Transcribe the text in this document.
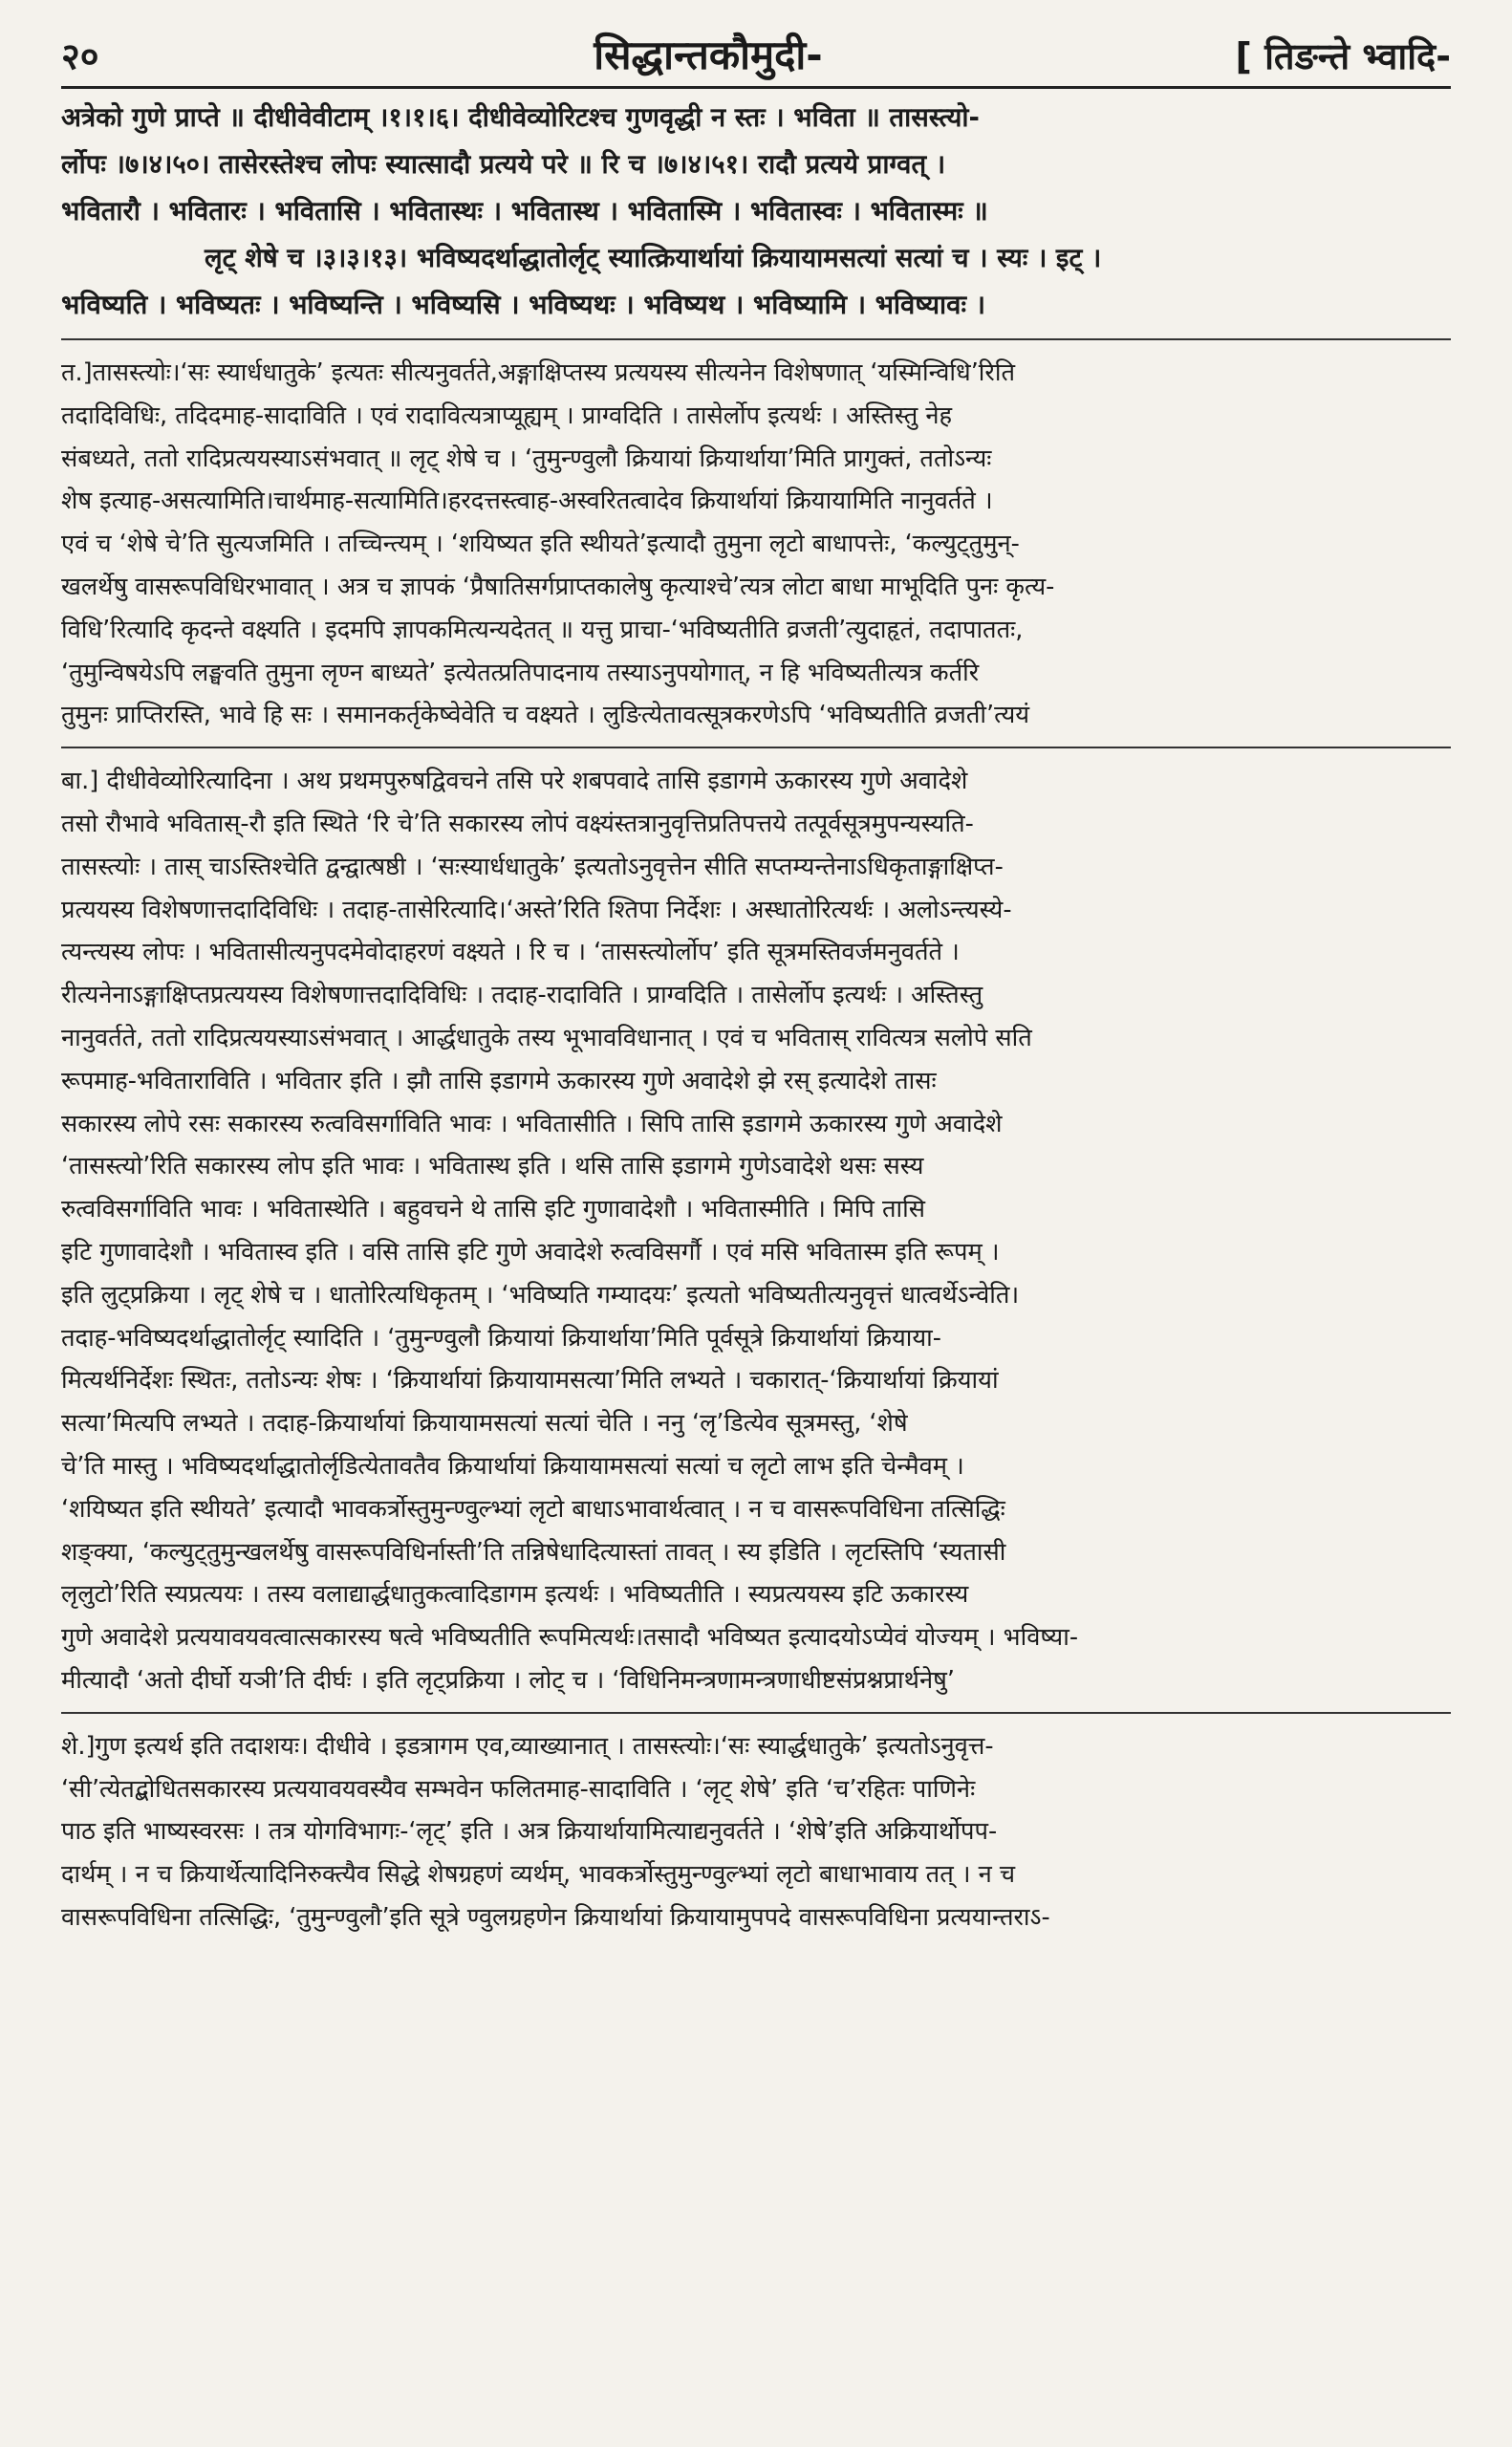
२०	सिद्धान्तकौमुदी-	[ तिङन्ते भ्वादि-
अत्रेको गुणे प्राप्ते ॥ दीधीवेवीटाम् ।१।१।६। दीधीवेव्योरिटश्च गुणवृद्धी न स्तः । भविता ॥ तासस्त्यो-
र्लोपः ।७।४।५०। तासेरस्तेश्च लोपः स्यात्सादौ प्रत्यये परे ॥ रि च ।७।४।५१। रादौ प्रत्यये प्राग्वत् ।
भवितारौ । भवितारः । भवितासि । भवितास्थः । भवितास्थ । भवितास्मि । भवितास्वः । भवितास्मः ॥
लृट् शेषे च ।३।३।१३। भविष्यदर्थाद्धातोर्लृट् स्यात्क्रियार्थायां क्रियायामसत्यां सत्यां च । स्यः । इट् ।
भविष्यति । भविष्यतः । भविष्यन्ति । भविष्यसि । भविष्यथः । भविष्यथ । भविष्यामि । भविष्यावः ।
त.]तासस्त्योः।‘सः स्यार्धधातुके’ इत्यतः सीत्यनुवर्तते,अङ्गाक्षिप्तस्य प्रत्ययस्य सीत्यनेन विशेषणात् ‘यस्मिन्विधि’रिति
तदादिविधिः, तदिदमाह-सादाविति । एवं रादावित्यत्राप्यूह्यम् । प्राग्वदिति । तासेर्लोप इत्यर्थः । अस्तिस्तु नेह
संबध्यते, ततो रादिप्रत्ययस्याऽसंभवात् ॥ लृट् शेषे च । ‘तुमुन्ण्वुलौ क्रियायां क्रियार्थाया’मिति प्रागुक्तं, ततोऽन्यः
शेष इत्याह-असत्यामिति।चार्थमाह-सत्यामिति।हरदत्तस्त्वाह-अस्वरितत्वादेव क्रियार्थायां क्रियायामिति नानुवर्तते ।
एवं च ‘शेषे चे’ति सुत्यजमिति । तच्चिन्त्यम् । ‘शयिष्यत इति स्थीयते’इत्यादौ तुमुना लृटो बाधापत्तेः, ‘कल्युट्तुमुन्-
खलर्थेषु वासरूपविधिरभावात् । अत्र च ज्ञापकं ‘प्रैषातिसर्गप्राप्तकालेषु कृत्याश्चे’त्यत्र लोटा बाधा माभूदिति पुनः कृत्य-
विधि’रित्यादि कृदन्ते वक्ष्यति । इदमपि ज्ञापकमित्यन्यदेतत् ॥ यत्तु प्राचा-‘भविष्यतीति व्रजती’त्युदाहृतं, तदापाततः,
‘तुमुन्विषयेऽपि लङ्घवति तुमुना लृण्न बाध्यते’ इत्येतत्प्रतिपादनाय तस्याऽनुपयोगात्, न हि भविष्यतीत्यत्र कर्तरि
तुमुनः प्राप्तिरस्ति, भावे हि सः । समानकर्तृकेष्वेवेति च वक्ष्यते । लुङित्येतावत्सूत्रकरणेऽपि ‘भविष्यतीति व्रजती’त्ययं
बा.] दीधीवेव्योरित्यादिना । अथ प्रथमपुरुषद्विवचने तसि परे शबपवादे तासि इडागमे ऊकारस्य गुणे अवादेशे
तसो रौभावे भवितास्-रौ इति स्थिते ‘रि चे’ति सकारस्य लोपं वक्ष्यंस्तत्रानुवृत्तिप्रतिपत्तये तत्पूर्वसूत्रमुपन्यस्यति-
तासस्त्योः । तास् चाऽस्तिश्चेति द्वन्द्वात्षष्ठी । ‘सःस्यार्धधातुके’ इत्यतोऽनुवृत्तेन सीति सप्तम्यन्तेनाऽधिकृताङ्गाक्षिप्त-
प्रत्ययस्य विशेषणात्तदादिविधिः । तदाह-तासेरित्यादि।‘अस्ते’रिति श्तिपा निर्देशः । अस्धातोरित्यर्थः । अलोऽन्त्यस्ये-
त्यन्त्यस्य लोपः । भवितासीत्यनुपदमेवोदाहरणं वक्ष्यते । रि च । ‘तासस्त्योर्लोप’ इति सूत्रमस्तिवर्जमनुवर्तते ।
रीत्यनेनाऽङ्गाक्षिप्तप्रत्ययस्य विशेषणात्तदादिविधिः । तदाह-रादाविति । प्राग्वदिति । तासेर्लोप इत्यर्थः । अस्तिस्तु
नानुवर्तते, ततो रादिप्रत्ययस्याऽसंभवात् । आर्द्धधातुके तस्य भूभावविधानात् । एवं च भवितास् रावित्यत्र सलोपे सति
रूपमाह-भविताराविति । भवितार इति । झौ तासि इडागमे ऊकारस्य गुणे अवादेशे झे रस् इत्यादेशे तासः
सकारस्य लोपे रसः सकारस्य रुत्वविसर्गाविति भावः । भवितासीति । सिपि तासि इडागमे ऊकारस्य गुणे अवादेशे
‘तासस्त्यो’रिति सकारस्य लोप इति भावः । भवितास्थ इति । थसि तासि इडागमे गुणेऽवादेशे थसः सस्य
रुत्वविसर्गाविति भावः । भवितास्थेति । बहुवचने थे तासि इटि गुणावादेशौ । भवितास्मीति । मिपि तासि
इटि गुणावादेशौ । भवितास्व इति । वसि तासि इटि गुणे अवादेशे रुत्वविसर्गौ । एवं मसि भवितास्म इति रूपम् ।
इति लुट्प्रक्रिया । लृट् शेषे च । धातोरित्यधिकृतम् । ‘भविष्यति गम्यादयः’ इत्यतो भविष्यतीत्यनुवृत्तं धात्वर्थेऽन्वेति।
तदाह-भविष्यदर्थाद्धातोर्लृट् स्यादिति । ‘तुमुन्ण्वुलौ क्रियायां क्रियार्थाया’मिति पूर्वसूत्रे क्रियार्थायां क्रियाया-
मित्यर्थनिर्देशः स्थितः, ततोऽन्यः शेषः । ‘क्रियार्थायां क्रियायामसत्या’मिति लभ्यते । चकारात्-‘क्रियार्थायां क्रियायां
सत्या’मित्यपि लभ्यते । तदाह-क्रियार्थायां क्रियायामसत्यां सत्यां चेति । ननु ‘लृ’डित्येव सूत्रमस्तु, ‘शेषे
चे’ति मास्तु । भविष्यदर्थाद्धातोर्लृडित्येतावतैव क्रियार्थायां क्रियायामसत्यां सत्यां च लृटो लाभ इति चेन्मैवम् ।
‘शयिष्यत इति स्थीयते’ इत्यादौ भावकर्त्रोस्तुमुन्ण्वुल्भ्यां लृटो बाधाऽभावार्थत्वात् । न च वासरूपविधिना तत्सिद्धिः
शङ्क्या, ‘कल्युट्तुमुन्खलर्थेषु वासरूपविधिर्नास्ती’ति तन्निषेधादित्यास्तां तावत् । स्य इडिति । लृटस्तिपि ‘स्यतासी
लृलुटो’रिति स्यप्रत्ययः । तस्य वलाद्यार्द्धधातुकत्वादिडागम इत्यर्थः । भविष्यतीति । स्यप्रत्ययस्य इटि ऊकारस्य
गुणे अवादेशे प्रत्ययावयवत्वात्सकारस्य षत्वे भविष्यतीति रूपमित्यर्थः।तसादौ भविष्यत इत्यादयोऽप्येवं योज्यम् । भविष्या-
मीत्यादौ ‘अतो दीर्घो यञी’ति दीर्घः । इति लृट्प्रक्रिया । लोट् च । ‘विधिनिमन्त्रणामन्त्रणाधीष्टसंप्रश्नप्रार्थनेषु’
शे.]गुण इत्यर्थ इति तदाशयः। दीधीवे । इडत्रागम एव,व्याख्यानात् । तासस्त्योः।‘सः स्यार्द्धधातुके’ इत्यतोऽनुवृत्त-
‘सी’त्येतद्बोधितसकारस्य प्रत्ययावयवस्यैव सम्भवेन फलितमाह-सादाविति । ‘लृट् शेषे’ इति ‘च’रहितः पाणिनेः
पाठ इति भाष्यस्वरसः । तत्र योगविभागः-‘लृट्’ इति । अत्र क्रियार्थायामित्याद्यनुवर्तते । ‘शेषे’इति अक्रियार्थोपप-
दार्थम् । न च क्रियार्थेत्यादिनिरुक्त्यैव सिद्धे शेषग्रहणं व्यर्थम्, भावकर्त्रोस्तुमुन्ण्वुल्भ्यां लृटो बाधाभावाय तत् । न च
वासरूपविधिना तत्सिद्धिः, ‘तुमुन्ण्वुलौ’इति सूत्रे ण्वुलग्रहणेन क्रियार्थायां क्रियायामुपपदे वासरूपविधिना प्रत्ययान्तराऽ-
